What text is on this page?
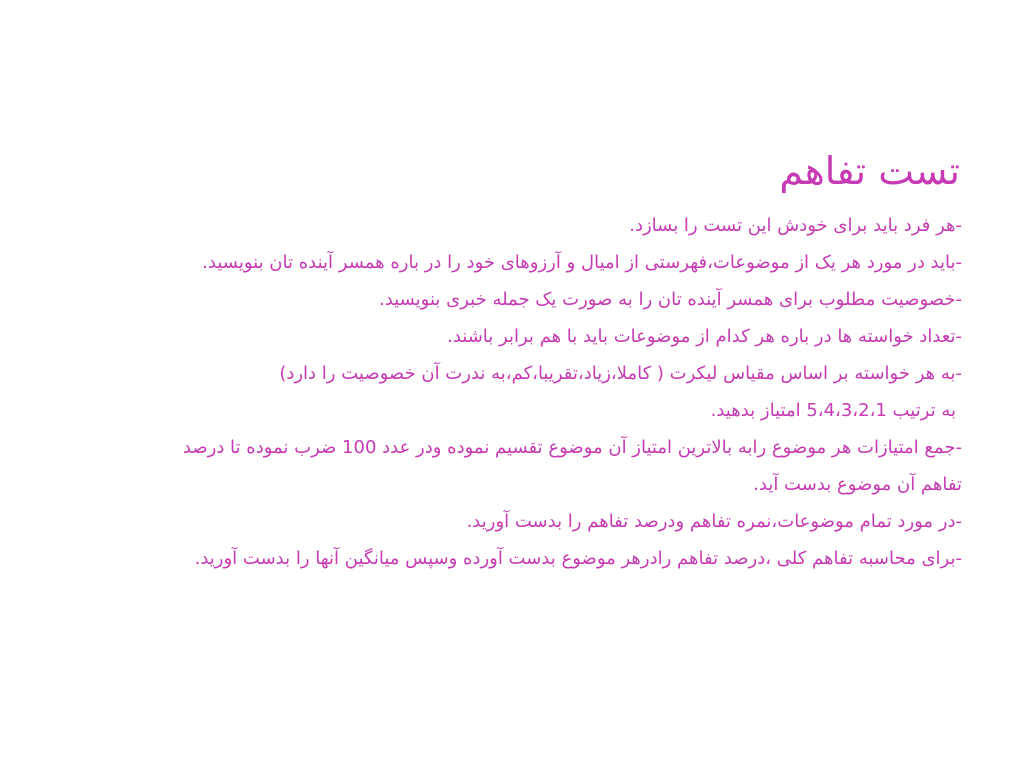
تست تفاهم
-هر فرد باید برای خودش این تست را بسازد.
-باید در مورد هر یک از موضوعات،فهرستی از امیال و آرزوهای خود را در باره همسر آینده تان بنویسید.
-خصوصیت مطلوب برای همسر آینده تان را به صورت یک جمله خبری بنویسید.
-تعداد خواسته ها در باره هر کدام از موضوعات باید با هم برابر باشند.
-به هر خواسته بر اساس مقیاس لیکرت ( کاملا،زیاد،تقریبا،کم،به ندرت آن خصوصیت را دارد)
به ترتیب 5،4،3،2،1 امتیاز بدهید.
-جمع امتیازات هر موضوع رابه بالاترین امتیاز آن موضوع تقسیم نموده ودر عدد 100 ضرب نموده تا درصد
تفاهم آن موضوع بدست آید.
-در مورد تمام موضوعات،نمره تفاهم ودرصد تفاهم را بدست آورید.
-برای محاسبه تفاهم کلی ،درصد تفاهم رادرهر موضوع بدست آورده وسپس میانگین آنها را بدست آورید.
